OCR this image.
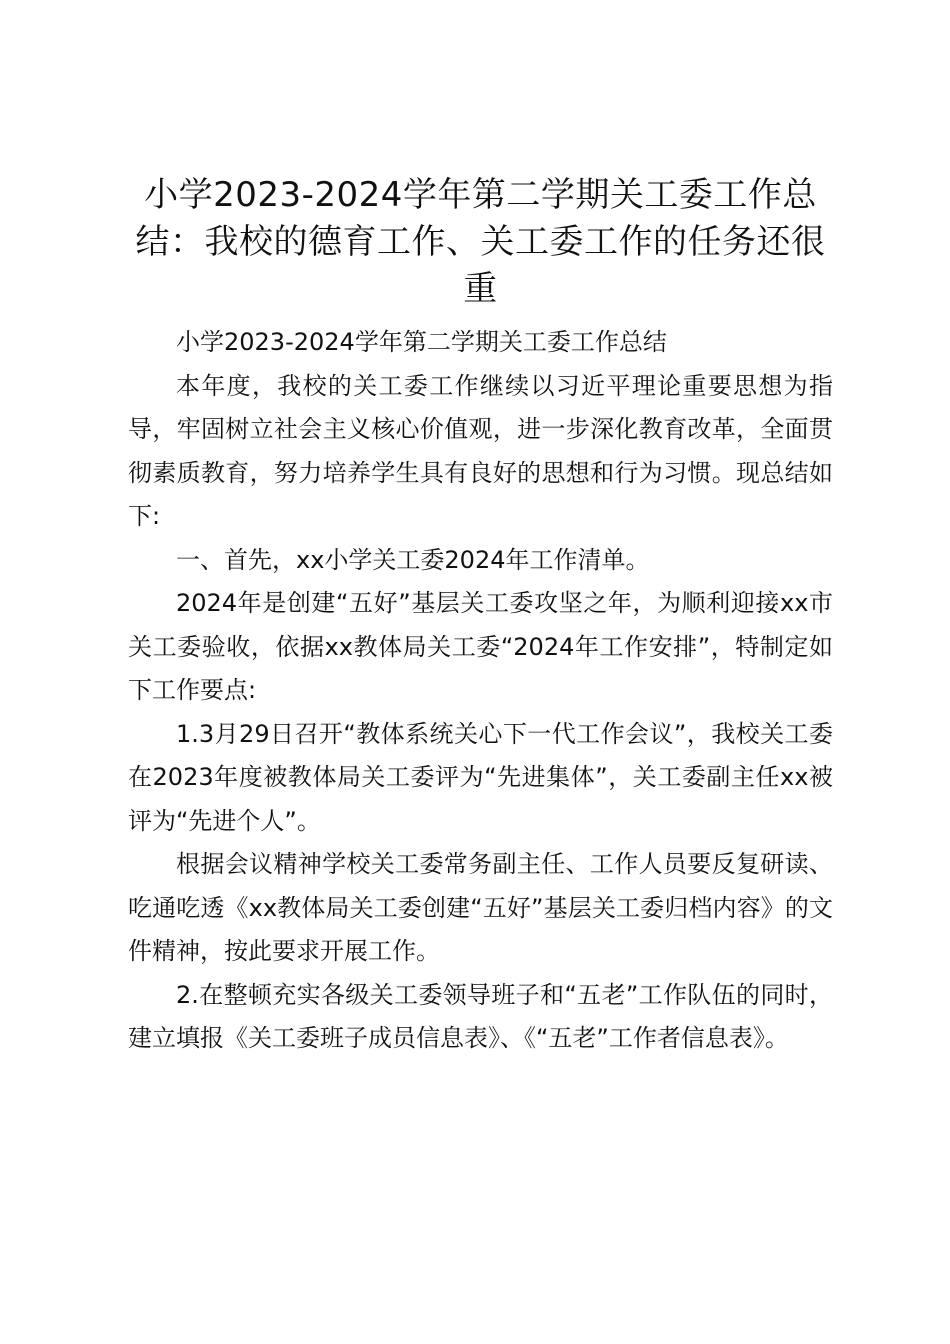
小学2023-2024学年第二学期关工委工作总结：我校的德育工作、关工委工作的任务还很重

小学2023-2024学年第二学期关工委工作总结

本年度，我校的关工委工作继续以习近平理论重要思想为指导，牢固树立社会主义核心价值观，进一步深化教育改革，全面贯彻素质教育，努力培养学生具有良好的思想和行为习惯。现总结如下:

一、首先，xx小学关工委2024年工作清单。

2024年是创建“五好”基层关工委攻坚之年，为顺利迎接xx市关工委验收，依据xx教体局关工委“2024年工作安排”，特制定如下工作要点:

1.3月29日召开“教体系统关心下一代工作会议”，我校关工委在2023年度被教体局关工委评为“先进集体”，关工委副主任xx被评为“先进个人”。

根据会议精神学校关工委常务副主任、工作人员要反复研读、吃通吃透《xx教体局关工委创建“五好”基层关工委归档内容》的文件精神，按此要求开展工作。

2.在整顿充实各级关工委领导班子和“五老”工作队伍的同时，建立填报《关工委班子成员信息表》、《“五老”工作者信息表》。
